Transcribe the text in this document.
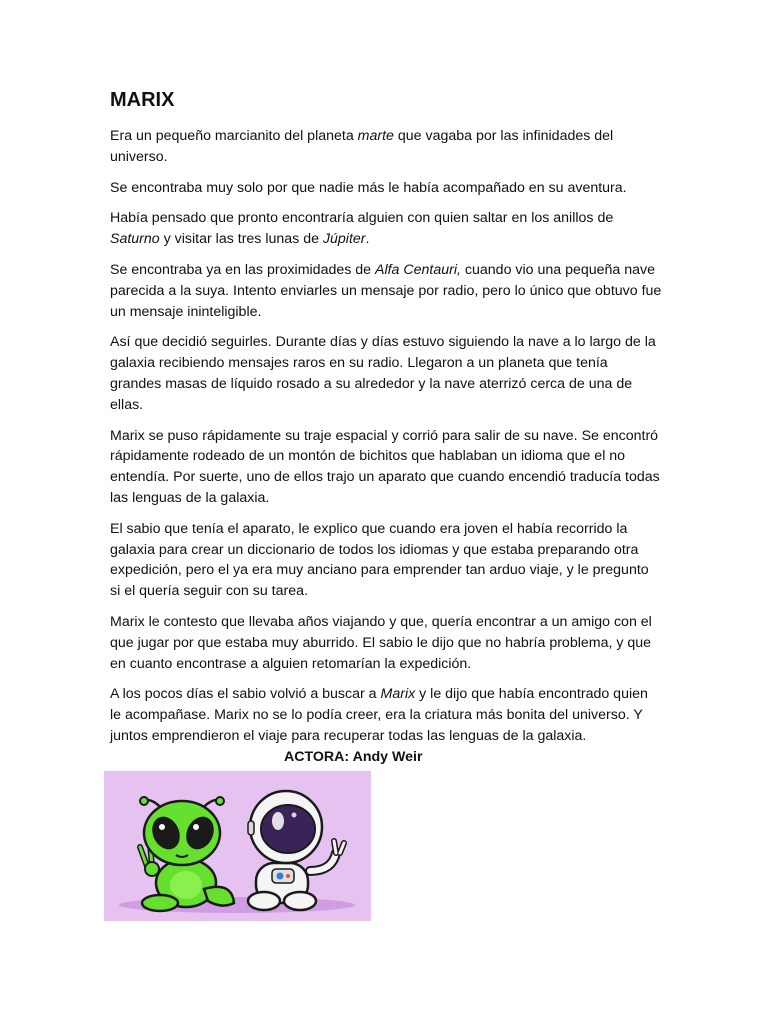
MARIX

Era un pequeño marcianito del planeta marte que vagaba por las infinidades del universo.

Se encontraba muy solo por que nadie más le había acompañado en su aventura.

Había pensado que pronto encontraría alguien con quien saltar en los anillos de Saturno y visitar las tres lunas de Júpiter.

Se encontraba ya en las proximidades de Alfa Centauri, cuando vio una pequeña nave parecida a la suya. Intento enviarles un mensaje por radio, pero lo único que obtuvo fue un mensaje ininteligible.

Así que decidió seguirles. Durante días y días estuvo siguiendo la nave a lo largo de la galaxia recibiendo mensajes raros en su radio. Llegaron a un planeta que tenía grandes masas de líquido rosado a su alrededor y la nave aterrizó cerca de una de ellas.

Marix se puso rápidamente su traje espacial y corrió para salir de su nave. Se encontró rápidamente rodeado de un montón de bichitos que hablaban un idioma que el no entendía. Por suerte, uno de ellos trajo un aparato que cuando encendió traducía todas las lenguas de la galaxia.

El sabio que tenía el aparato, le explico que cuando era joven el había recorrido la galaxia para crear un diccionario de todos los idiomas y que estaba preparando otra expedición, pero el ya era muy anciano para emprender tan arduo viaje, y le pregunto si el quería seguir con su tarea.

Marix le contesto que llevaba años viajando y que, quería encontrar a un amigo con el que jugar por que estaba muy aburrido. El sabio le dijo que no habría problema, y que en cuanto encontrase a alguien retomarían la expedición.

A los pocos días el sabio volvió a buscar a Marix y le dijo que había encontrado quien le acompañase. Marix no se lo podía creer, era la criatura más bonita del universo. Y juntos emprendieron el viaje para recuperar todas las lenguas de la galaxia.ACTORA: Andy Weir
